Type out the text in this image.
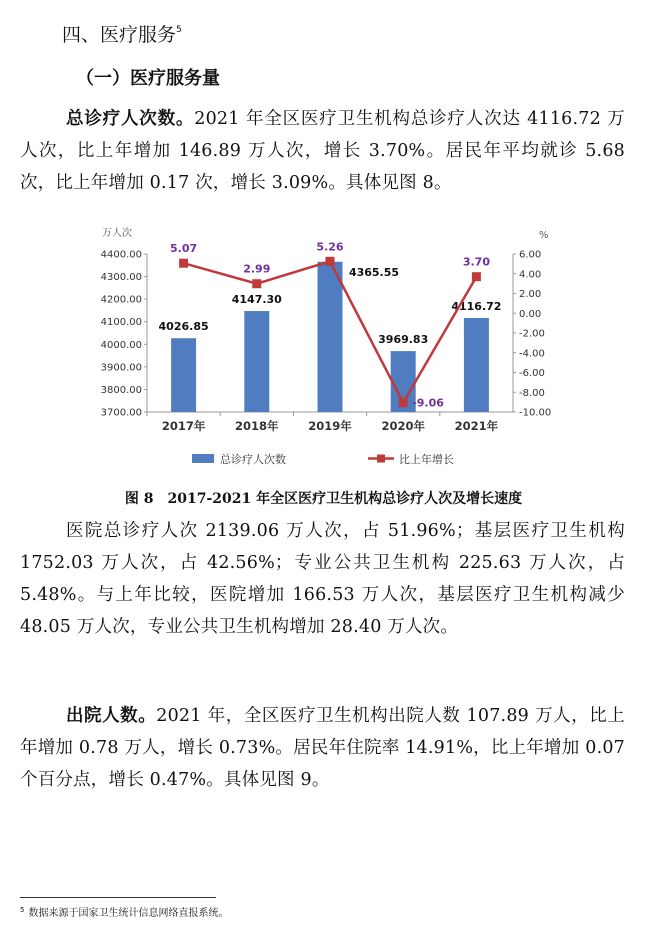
四、医疗服务$^5$
（一）医疗服务量

总诊疗人次数。2021 年全区医疗卫生机构总诊疗人次达 4116.72 万人次，比上年增加 146.89 万人次，增长 3.70%。居民年平均就诊 5.68 次，比上年增加 0.17 次，增长 3.09%。具体见图 8。

万人次	%
3700.00
3800.00
3900.00
4000.00
4100.00
4200.00
4300.00
4400.00
-10.00
-8.00
-6.00
-4.00
-2.00
0.00
2.00
4.00
6.00
2017年	2018年	2019年	2020年	2021年
4026.85
4147.30
4365.55
3969.83
4116.72
5.07
2.99
5.26
-9.06
3.70
总诊疗人次数	比上年增长
图 8　2017-2021 年全区医疗卫生机构总诊疗人次及增长速度

医院总诊疗人次 2139.06 万人次，占 51.96%；基层医疗卫生机构 1752.03 万人次，占 42.56%；专业公共卫生机构 225.63 万人次，占 5.48%。与上年比较，医院增加 166.53 万人次，基层医疗卫生机构减少 48.05 万人次，专业公共卫生机构增加 28.40 万人次。

出院人数。2021 年，全区医疗卫生机构出院人数 107.89 万人，比上年增加 0.78 万人，增长 0.73%。居民年住院率 14.91%，比上年增加 0.07 个百分点，增长 0.47%。具体见图 9。

$^5$ 数据来源于国家卫生统计信息网络直报系统。
